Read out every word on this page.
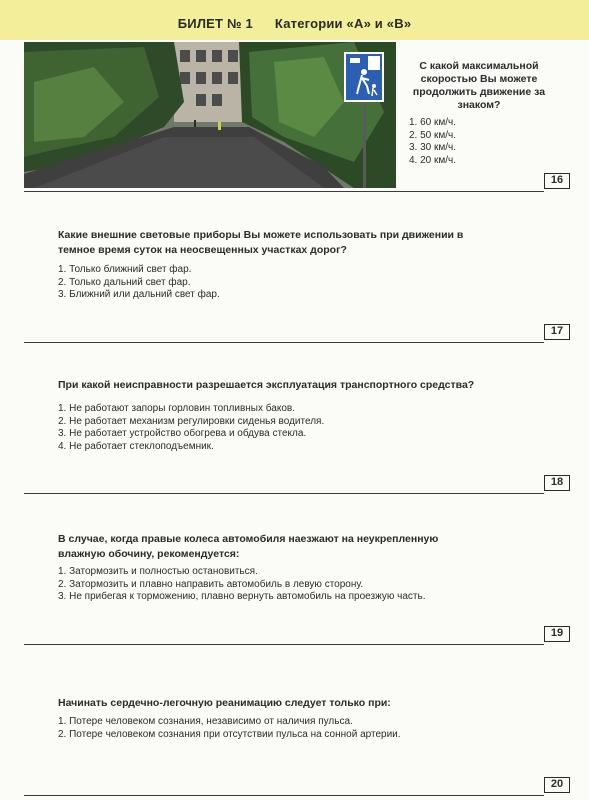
БИЛЕТ № 1 Категории «А» и «В»
С какой максимальной скоростью Вы можете продолжить движение за знаком?
1. 60 км/ч.
2. 50 км/ч.
3. 30 км/ч.
4. 20 км/ч.
16
Какие внешние световые приборы Вы можете использовать при движении в темное время суток на неосвещенных участках дорог?
1. Только ближний свет фар.
2. Только дальний свет фар.
3. Ближний или дальний свет фар.
17
При какой неисправности разрешается эксплуатация транспортного средства?
1. Не работают запоры горловин топливных баков.
2. Не работает механизм регулировки сиденья водителя.
3. Не работает устройство обогрева и обдува стекла.
4. Не работает стеклоподъемник.
18
В случае, когда правые колеса автомобиля наезжают на неукрепленную влажную обочину, рекомендуется:
1. Затормозить и полностью остановиться.
2. Затормозить и плавно направить автомобиль в левую сторону.
3. Не прибегая к торможению, плавно вернуть автомобиль на проезжую часть.
19
Начинать сердечно-легочную реанимацию следует только при:
1. Потере человеком сознания, независимо от наличия пульса.
2. Потере человеком сознания при отсутствии пульса на сонной артерии.
20
